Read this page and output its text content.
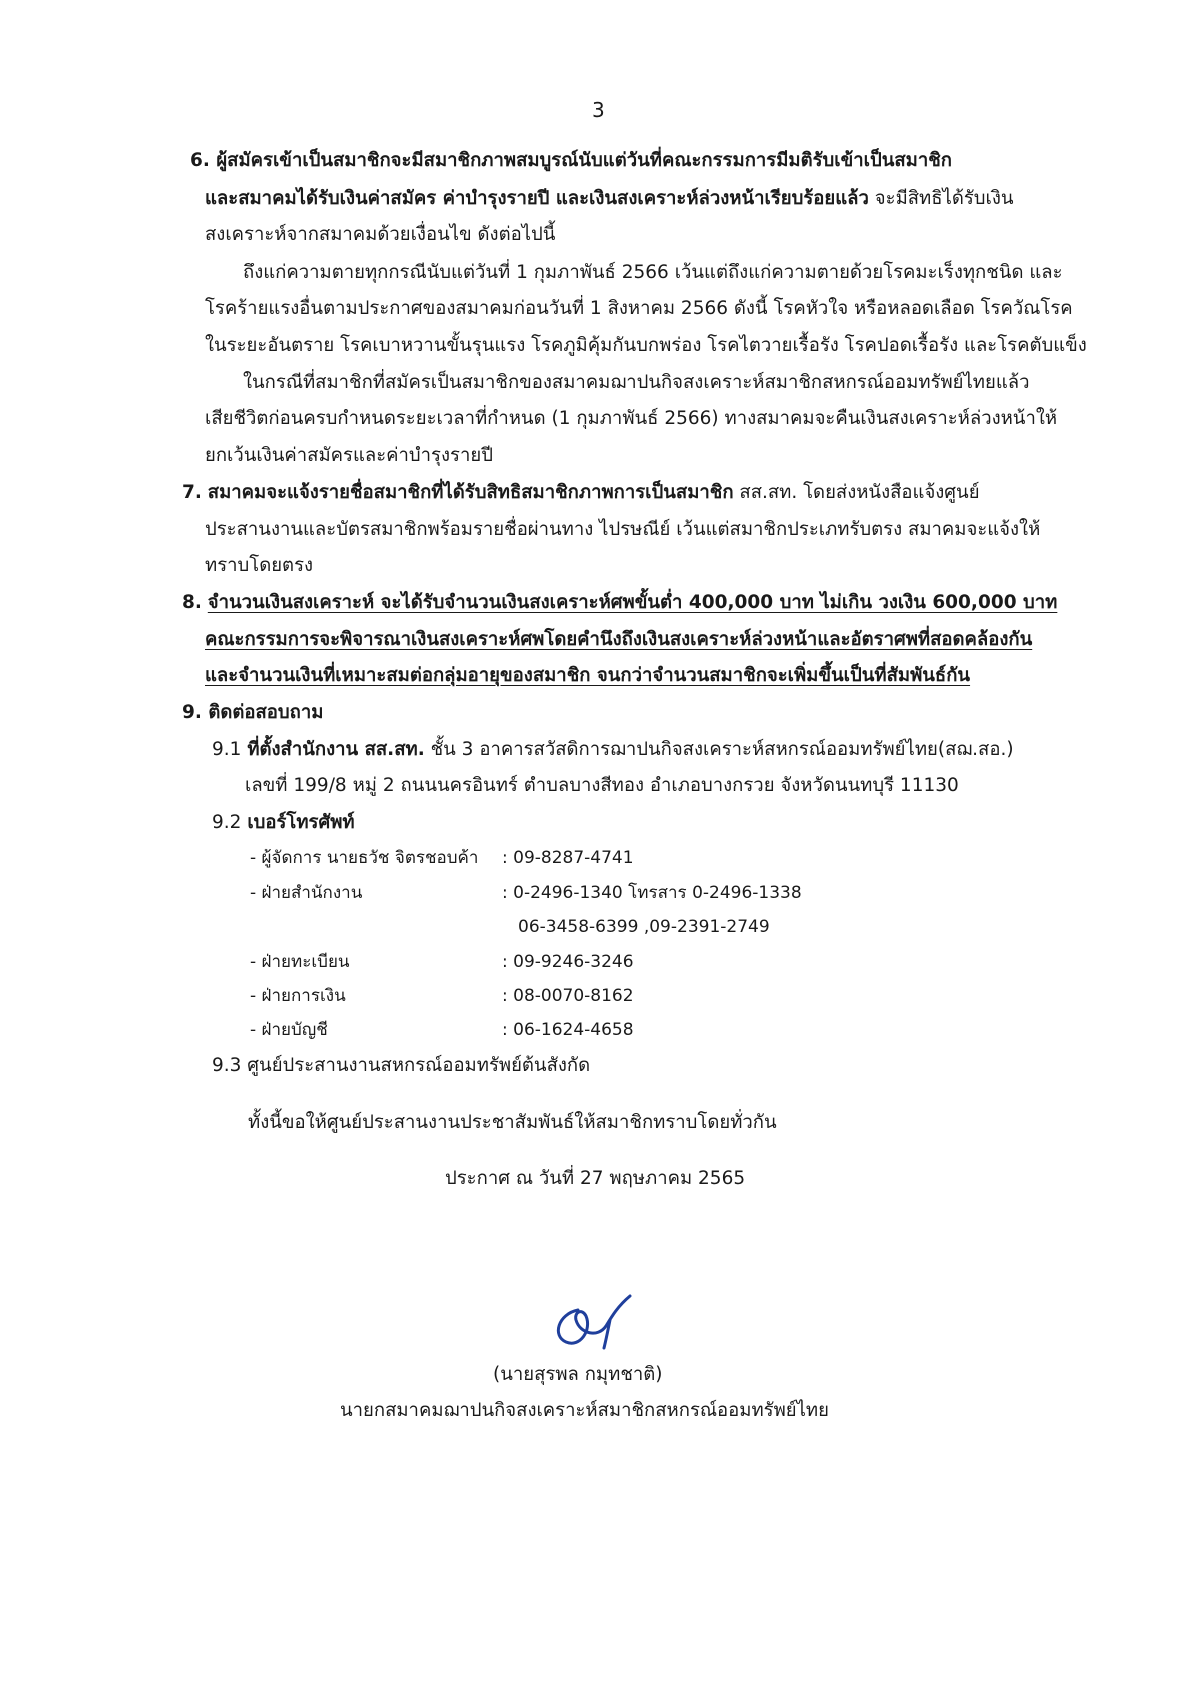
3
6. ผู้สมัครเข้าเป็นสมาชิกจะมีสมาชิกภาพสมบูรณ์นับแต่วันที่คณะกรรมการมีมติรับเข้าเป็นสมาชิก
และสมาคมได้รับเงินค่าสมัคร ค่าบำรุงรายปี และเงินสงเคราะห์ล่วงหน้าเรียบร้อยแล้ว จะมีสิทธิได้รับเงิน
สงเคราะห์จากสมาคมด้วยเงื่อนไข ดังต่อไปนี้
ถึงแก่ความตายทุกกรณีนับแต่วันที่ 1 กุมภาพันธ์ 2566 เว้นแต่ถึงแก่ความตายด้วยโรคมะเร็งทุกชนิด และ
โรคร้ายแรงอื่นตามประกาศของสมาคมก่อนวันที่ 1 สิงหาคม 2566 ดังนี้ โรคหัวใจ หรือหลอดเลือด โรควัณโรค
ในระยะอันตราย โรคเบาหวานขั้นรุนแรง โรคภูมิคุ้มกันบกพร่อง โรคไตวายเรื้อรัง โรคปอดเรื้อรัง และโรคตับแข็ง
ในกรณีที่สมาชิกที่สมัครเป็นสมาชิกของสมาคมฌาปนกิจสงเคราะห์สมาชิกสหกรณ์ออมทรัพย์ไทยแล้ว
เสียชีวิตก่อนครบกำหนดระยะเวลาที่กำหนด (1 กุมภาพันธ์ 2566) ทางสมาคมจะคืนเงินสงเคราะห์ล่วงหน้าให้
ยกเว้นเงินค่าสมัครและค่าบำรุงรายปี
7. สมาคมจะแจ้งรายชื่อสมาชิกที่ได้รับสิทธิสมาชิกภาพการเป็นสมาชิก สส.สท. โดยส่งหนังสือแจ้งศูนย์
ประสานงานและบัตรสมาชิกพร้อมรายชื่อผ่านทาง ไปรษณีย์ เว้นแต่สมาชิกประเภทรับตรง สมาคมจะแจ้งให้
ทราบโดยตรง
8. จำนวนเงินสงเคราะห์ จะได้รับจำนวนเงินสงเคราะห์ศพขั้นต่ำ 400,000 บาท ไม่เกิน วงเงิน 600,000 บาท
คณะกรรมการจะพิจารณาเงินสงเคราะห์ศพโดยคำนึงถึงเงินสงเคราะห์ล่วงหน้าและอัตราศพที่สอดคล้องกัน
และจำนวนเงินที่เหมาะสมต่อกลุ่มอายุของสมาชิก จนกว่าจำนวนสมาชิกจะเพิ่มขึ้นเป็นที่สัมพันธ์กัน
9. ติดต่อสอบถาม
9.1 ที่ตั้งสำนักงาน สส.สท. ชั้น 3 อาคารสวัสดิการฌาปนกิจสงเคราะห์สหกรณ์ออมทรัพย์ไทย(สฌ.สอ.)
เลขที่ 199/8 หมู่ 2 ถนนนครอินทร์ ตำบลบางสีทอง อำเภอบางกรวย จังหวัดนนทบุรี 11130
9.2 เบอร์โทรศัพท์
- ผู้จัดการ นายธวัช จิตรชอบค้า : 09-8287-4741
- ฝ่ายสำนักงาน	: 0-2496-1340 โทรสาร 0-2496-1338
06-3458-6399 ,09-2391-2749
- ฝ่ายทะเบียน	: 09-9246-3246
- ฝ่ายการเงิน	: 08-0070-8162
- ฝ่ายบัญชี	: 06-1624-4658
9.3 ศูนย์ประสานงานสหกรณ์ออมทรัพย์ต้นสังกัด
ทั้งนี้ขอให้ศูนย์ประสานงานประชาสัมพันธ์ให้สมาชิกทราบโดยทั่วกัน
ประกาศ ณ วันที่ 27 พฤษภาคม 2565
(นายสุรพล กมุทชาติ)
นายกสมาคมฌาปนกิจสงเคราะห์สมาชิกสหกรณ์ออมทรัพย์ไทย
